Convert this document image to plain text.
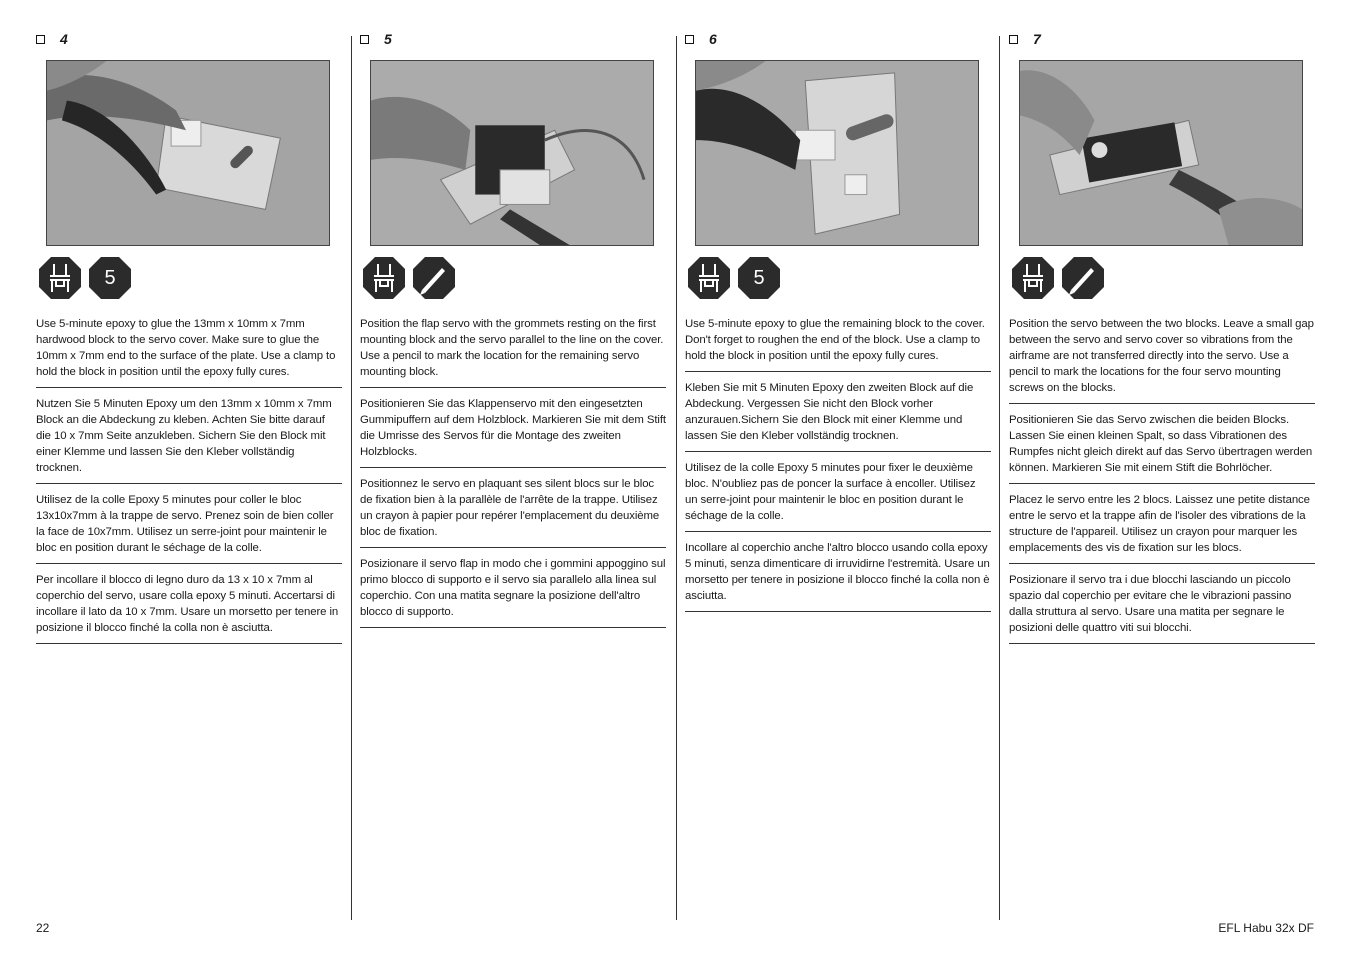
4
5

Use 5-minute epoxy to glue the 13mm x 10mm x 7mm hardwood block to the servo cover. Make sure to glue the 10mm x 7mm end to the surface of the plate. Use a clamp to hold the block in position until the epoxy fully cures.

Nutzen Sie 5 Minuten Epoxy um den 13mm x 10mm x 7mm Block an die Abdeckung zu kleben. Achten Sie bitte darauf die 10 x 7mm Seite anzukleben. Sichern Sie den Block mit einer Klemme und lassen Sie den Kleber vollständig trocknen.

Utilisez de la colle Epoxy 5 minutes pour coller le bloc 13x10x7mm à la trappe de servo. Prenez soin de bien coller la face de 10x7mm. Utilisez un serre-joint pour maintenir le bloc en position durant le séchage de la colle.

Per incollare il blocco di legno duro da 13 x 10 x 7mm al coperchio del servo, usare colla epoxy 5 minuti. Accertarsi di incollare il lato da 10 x 7mm. Usare un morsetto per tenere in posizione il blocco finché la colla non è asciutta.

5

Position the flap servo with the grommets resting on the first mounting block and the servo parallel to the line on the cover. Use a pencil to mark the location for the remaining servo mounting block.

Positionieren Sie das Klappenservo mit den eingesetzten Gummipuffern auf dem Holzblock. Markieren Sie mit dem Stift die Umrisse des Servos für die Montage des zweiten Holzblocks.

Positionnez le servo en plaquant ses silent blocs sur le bloc de fixation bien à la parallèle de l'arrête de la trappe. Utilisez un crayon à papier pour repérer l'emplacement du deuxième bloc de fixation.

Posizionare il servo flap in modo che i gommini appoggino sul primo blocco di supporto e il servo sia parallelo alla linea sul coperchio. Con una matita segnare la posizione dell'altro blocco di supporto.

6
5

Use 5-minute epoxy to glue the remaining block to the cover. Don't forget to roughen the end of the block. Use a clamp to hold the block in position until the epoxy fully cures.

Kleben Sie mit 5 Minuten Epoxy den zweiten Block auf die Abdeckung. Vergessen Sie nicht den Block vorher anzurauen.Sichern Sie den Block mit einer Klemme und lassen Sie den Kleber vollständig trocknen.

Utilisez de la colle Epoxy 5 minutes pour fixer le deuxième bloc. N'oubliez pas de poncer la surface à encoller. Utilisez un serre-joint pour maintenir le bloc en position durant le séchage de la colle.

Incollare al coperchio anche l'altro blocco usando colla epoxy 5 minuti, senza dimenticare di irruvidirne l'estremità. Usare un morsetto per tenere in posizione il blocco finché la colla non è asciutta.

7

Position the servo between the two blocks. Leave a small gap between the servo and servo cover so vibrations from the airframe are not transferred directly into the servo. Use a pencil to mark the locations for the four servo mounting screws on the blocks.

Positionieren Sie das Servo zwischen die beiden Blocks. Lassen Sie einen kleinen Spalt, so dass Vibrationen des Rumpfes nicht gleich direkt auf das Servo übertragen werden können. Markieren Sie mit einem Stift die Bohrlöcher.

Placez le servo entre les 2 blocs. Laissez une petite distance entre le servo et la trappe afin de l'isoler des vibrations de la structure de l'appareil. Utilisez un crayon pour marquer les emplacements des vis de fixation sur les blocs.

Posizionare il servo tra i due blocchi lasciando un piccolo spazio dal coperchio per evitare che le vibrazioni passino dalla struttura al servo. Usare una matita per segnare le posizioni delle quattro viti sui blocchi.

22	EFL Habu 32x DF
